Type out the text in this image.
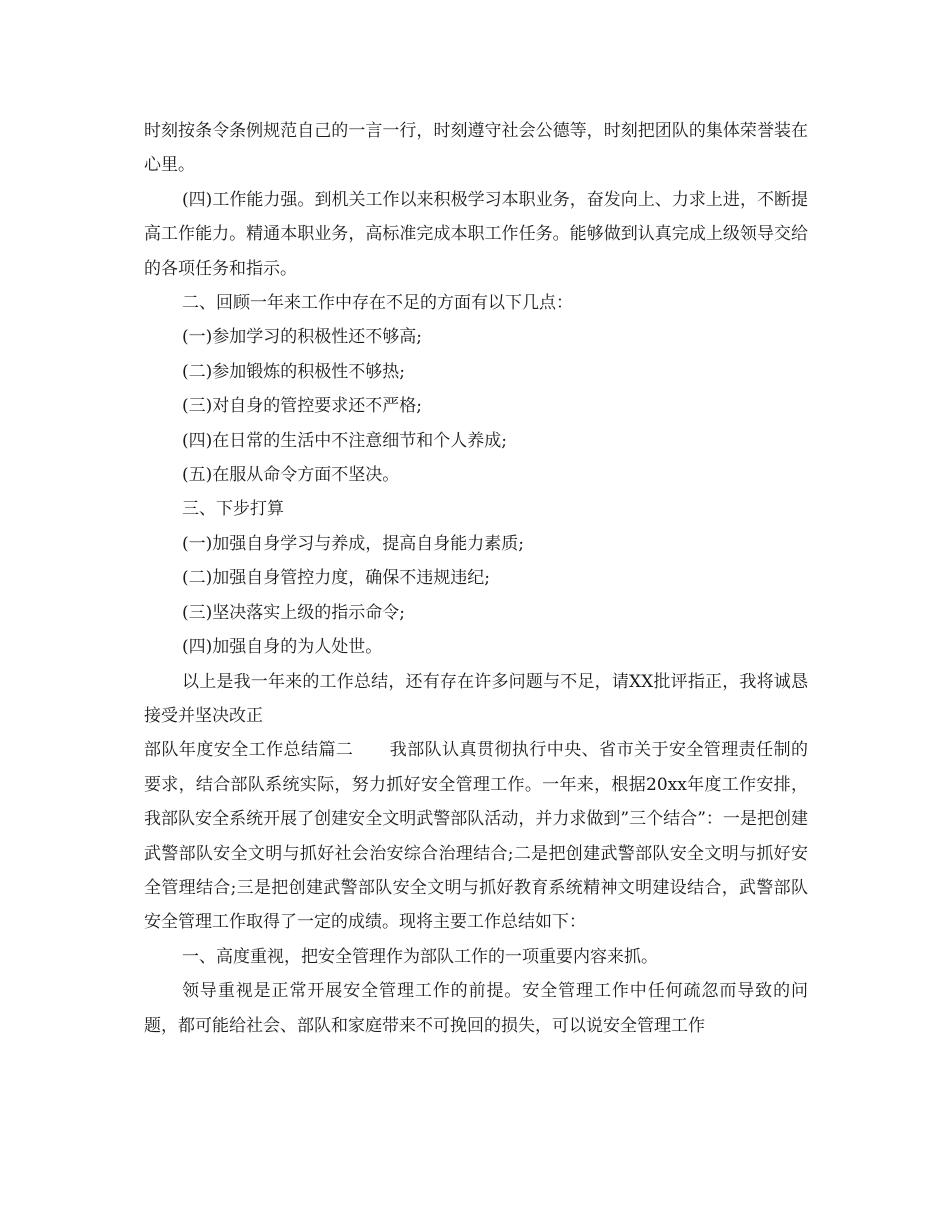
时刻按条令条例规范自己的一言一行，时刻遵守社会公德等，时刻把团队的集体荣誉装在心里。

(四)工作能力强。到机关工作以来积极学习本职业务，奋发向上、力求上进，不断提高工作能力。精通本职业务，高标准完成本职工作任务。能够做到认真完成上级领导交给的各项任务和指示。

二、回顾一年来工作中存在不足的方面有以下几点：

(一)参加学习的积极性还不够高;

(二)参加锻炼的积极性不够热;

(三)对自身的管控要求还不严格;

(四)在日常的生活中不注意细节和个人养成;

(五)在服从命令方面不坚决。

三、下步打算

(一)加强自身学习与养成，提高自身能力素质;

(二)加强自身管控力度，确保不违规违纪;

(三)坚决落实上级的指示命令;

(四)加强自身的为人处世。

以上是我一年来的工作总结，还有存在许多问题与不足，请XX批评指正，我将诚恳接受并坚决改正

部队年度安全工作总结篇二 我部队认真贯彻执行中央、省市关于安全管理责任制的要求，结合部队系统实际，努力抓好安全管理工作。一年来，根据20xx年度工作安排，我部队安全系统开展了创建安全文明武警部队活动，并力求做到”三个结合”：一是把创建武警部队安全文明与抓好社会治安综合治理结合;二是把创建武警部队安全文明与抓好安全管理结合;三是把创建武警部队安全文明与抓好教育系统精神文明建设结合，武警部队安全管理工作取得了一定的成绩。现将主要工作总结如下：

一、高度重视，把安全管理作为部队工作的一项重要内容来抓。

领导重视是正常开展安全管理工作的前提。安全管理工作中任何疏忽而导致的问题，都可能给社会、部队和家庭带来不可挽回的损失，可以说安全管理工作
